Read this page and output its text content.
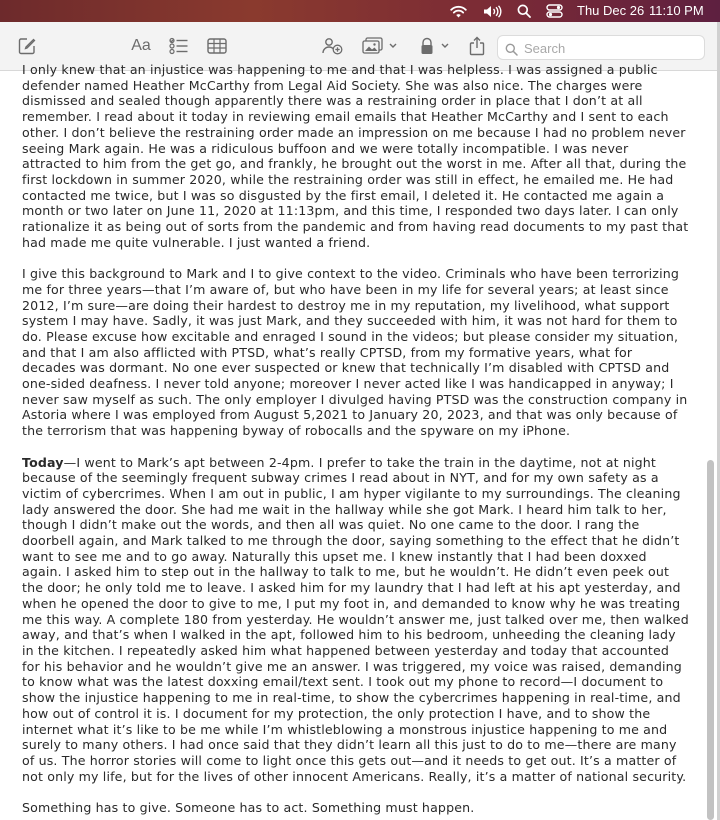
Thu Dec 26 11:10 PM
Aa
Search

I only knew that an injustice was happening to me and that I was helpless. I was assigned a public defender named Heather McCarthy from Legal Aid Society. She was also nice. The charges were dismissed and sealed though apparently there was a restraining order in place that I don’t at all remember. I read about it today in reviewing email emails that Heather McCarthy and I sent to each other. I don’t believe the restraining order made an impression on me because I had no problem never seeing Mark again. He was a ridiculous buffoon and we were totally incompatible. I was never attracted to him from the get go, and frankly, he brought out the worst in me. After all that, during the first lockdown in summer 2020, while the restraining order was still in effect, he emailed me. He had contacted me twice, but I was so disgusted by the first email, I deleted it. He contacted me again a month or two later on June 11, 2020 at 11:13pm, and this time, I responded two days later. I can only rationalize it as being out of sorts from the pandemic and from having read documents to my past that had made me quite vulnerable. I just wanted a friend.

I give this background to Mark and I to give context to the video. Criminals who have been terrorizing me for three years—that I’m aware of, but who have been in my life for several years; at least since 2012, I’m sure—are doing their hardest to destroy me in my reputation, my livelihood, what support system I may have. Sadly, it was just Mark, and they succeeded with him, it was not hard for them to do. Please excuse how excitable and enraged I sound in the videos; but please consider my situation, and that I am also afflicted with PTSD, what’s really CPTSD, from my formative years, what for decades was dormant. No one ever suspected or knew that technically I’m disabled with CPTSD and one-sided deafness. I never told anyone; moreover I never acted like I was handicapped in anyway; I never saw myself as such. The only employer I divulged having PTSD was the construction company in Astoria where I was employed from August 5,2021 to January 20, 2023, and that was only because of the terrorism that was happening byway of robocalls and the spyware on my iPhone.

Today—I went to Mark’s apt between 2-4pm. I prefer to take the train in the daytime, not at night because of the seemingly frequent subway crimes I read about in NYT, and for my own safety as a victim of cybercrimes. When I am out in public, I am hyper vigilante to my surroundings. The cleaning lady answered the door. She had me wait in the hallway while she got Mark. I heard him talk to her, though I didn’t make out the words, and then all was quiet. No one came to the door. I rang the doorbell again, and Mark talked to me through the door, saying something to the effect that he didn’t want to see me and to go away. Naturally this upset me. I knew instantly that I had been doxxed again. I asked him to step out in the hallway to talk to me, but he wouldn’t. He didn’t even peek out the door; he only told me to leave. I asked him for my laundry that I had left at his apt yesterday, and when he opened the door to give to me, I put my foot in, and demanded to know why he was treating me this way. A complete 180 from yesterday. He wouldn’t answer me, just talked over me, then walked away, and that’s when I walked in the apt, followed him to his bedroom, unheeding the cleaning lady in the kitchen. I repeatedly asked him what happened between yesterday and today that accounted for his behavior and he wouldn’t give me an answer. I was triggered, my voice was raised, demanding to know what was the latest doxxing email/text sent. I took out my phone to record—I document to show the injustice happening to me in real-time, to show the cybercrimes happening in real-time, and how out of control it is. I document for my protection, the only protection I have, and to show the internet what it’s like to be me while I’m whistleblowing a monstrous injustice happening to me and surely to many others. I had once said that they didn’t learn all this just to do to me—there are many of us. The horror stories will come to light once this gets out—and it needs to get out. It’s a matter of not only my life, but for the lives of other innocent Americans. Really, it’s a matter of national security.

Something has to give. Someone has to act. Something must happen.
